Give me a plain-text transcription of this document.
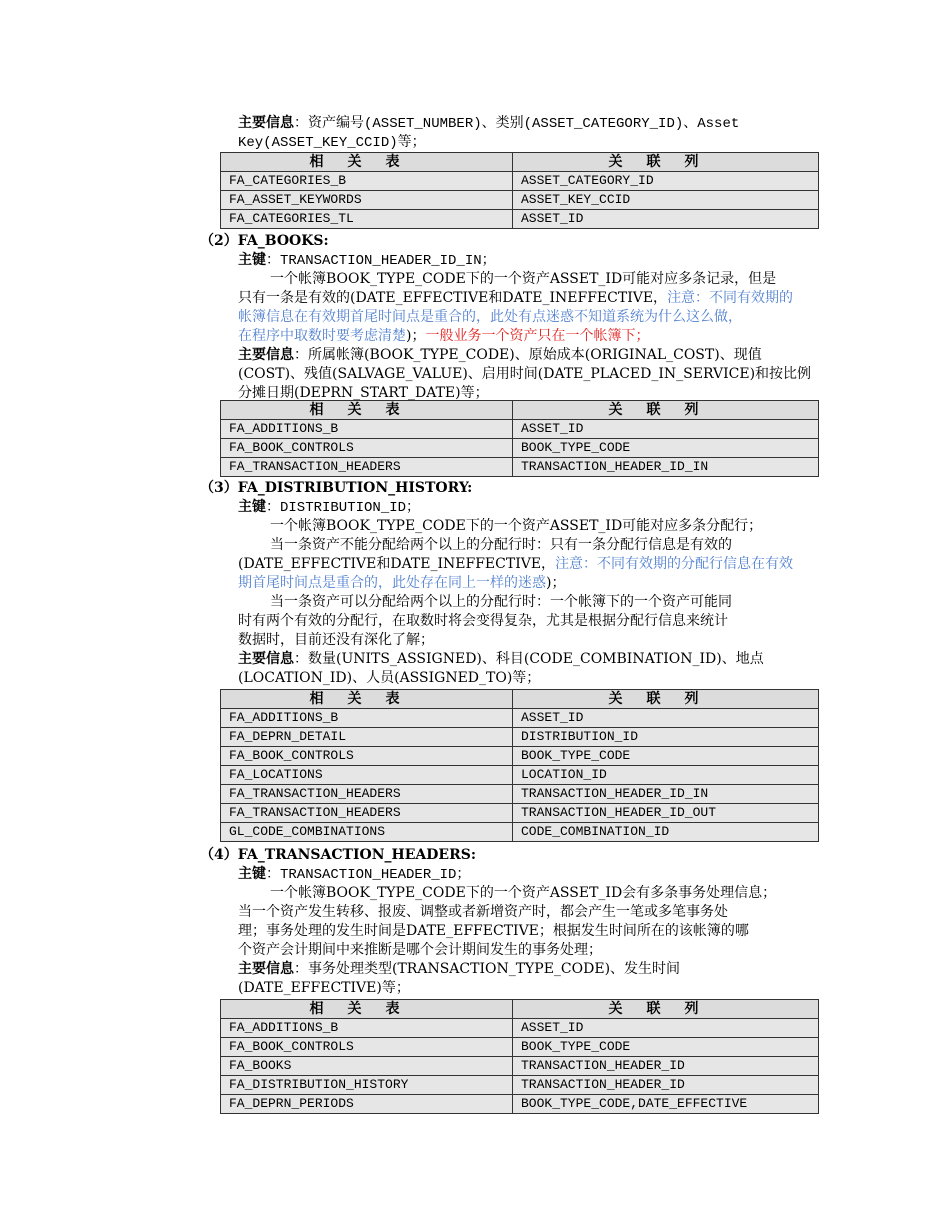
主要信息：资产编号(ASSET_NUMBER)、类别(ASSET_CATEGORY_ID)、Asset
Key(ASSET_KEY_CCID)等；
相关表	关联列
FA_CATEGORIES_B	ASSET_CATEGORY_ID
FA_ASSET_KEYWORDS	ASSET_KEY_CCID
FA_CATEGORIES_TL	ASSET_ID
（2）FA_BOOKS:
主键：TRANSACTION_HEADER_ID_IN；
一个帐簿BOOK_TYPE_CODE下的一个资产ASSET_ID可能对应多条记录，但是
只有一条是有效的(DATE_EFFECTIVE和DATE_INEFFECTIVE，注意：不同有效期的
帐簿信息在有效期首尾时间点是重合的，此处有点迷惑不知道系统为什么这么做，
在程序中取数时要考虑清楚)；一般业务一个资产只在一个帐簿下；
主要信息：所属帐簿(BOOK_TYPE_CODE)、原始成本(ORIGINAL_COST)、现值
(COST)、残值(SALVAGE_VALUE)、启用时间(DATE_PLACED_IN_SERVICE)和按比例
分摊日期(DEPRN_START_DATE)等；
相关表	关联列
FA_ADDITIONS_B	ASSET_ID
FA_BOOK_CONTROLS	BOOK_TYPE_CODE
FA_TRANSACTION_HEADERS	TRANSACTION_HEADER_ID_IN
（3）FA_DISTRIBUTION_HISTORY:
主键：DISTRIBUTION_ID；
一个帐簿BOOK_TYPE_CODE下的一个资产ASSET_ID可能对应多条分配行；
当一条资产不能分配给两个以上的分配行时：只有一条分配行信息是有效的
(DATE_EFFECTIVE和DATE_INEFFECTIVE，注意：不同有效期的分配行信息在有效
期首尾时间点是重合的，此处存在同上一样的迷惑)；
当一条资产可以分配给两个以上的分配行时：一个帐簿下的一个资产可能同
时有两个有效的分配行，在取数时将会变得复杂，尤其是根据分配行信息来统计
数据时，目前还没有深化了解；
主要信息：数量(UNITS_ASSIGNED)、科目(CODE_COMBINATION_ID)、地点
(LOCATION_ID)、人员(ASSIGNED_TO)等；
相关表	关联列
FA_ADDITIONS_B	ASSET_ID
FA_DEPRN_DETAIL	DISTRIBUTION_ID
FA_BOOK_CONTROLS	BOOK_TYPE_CODE
FA_LOCATIONS	LOCATION_ID
FA_TRANSACTION_HEADERS	TRANSACTION_HEADER_ID_IN
FA_TRANSACTION_HEADERS	TRANSACTION_HEADER_ID_OUT
GL_CODE_COMBINATIONS	CODE_COMBINATION_ID
（4）FA_TRANSACTION_HEADERS:
主键：TRANSACTION_HEADER_ID；
一个帐簿BOOK_TYPE_CODE下的一个资产ASSET_ID会有多条事务处理信息；
当一个资产发生转移、报废、调整或者新增资产时，都会产生一笔或多笔事务处
理；事务处理的发生时间是DATE_EFFECTIVE；根据发生时间所在的该帐簿的哪
个资产会计期间中来推断是哪个会计期间发生的事务处理；
主要信息：事务处理类型(TRANSACTION_TYPE_CODE)、发生时间
(DATE_EFFECTIVE)等；
相关表	关联列
FA_ADDITIONS_B	ASSET_ID
FA_BOOK_CONTROLS	BOOK_TYPE_CODE
FA_BOOKS	TRANSACTION_HEADER_ID
FA_DISTRIBUTION_HISTORY	TRANSACTION_HEADER_ID
FA_DEPRN_PERIODS	BOOK_TYPE_CODE,DATE_EFFECTIVE
